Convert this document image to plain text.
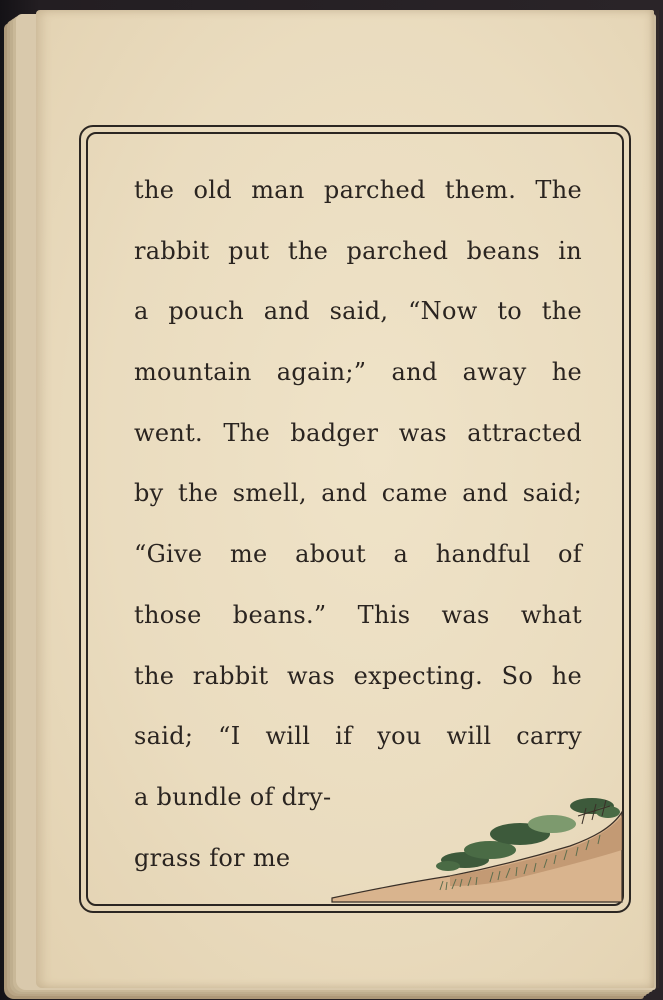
the old man parched them. The
rabbit put the parched beans in
a pouch and said, “Now to the
mountain again;” and away he
went. The badger was attracted
by the smell, and came and said;
“Give me about a handful of
those beans.” This was what
the rabbit was expecting. So he
said; “I will if you will carry
a bundle of dry-
grass for me
